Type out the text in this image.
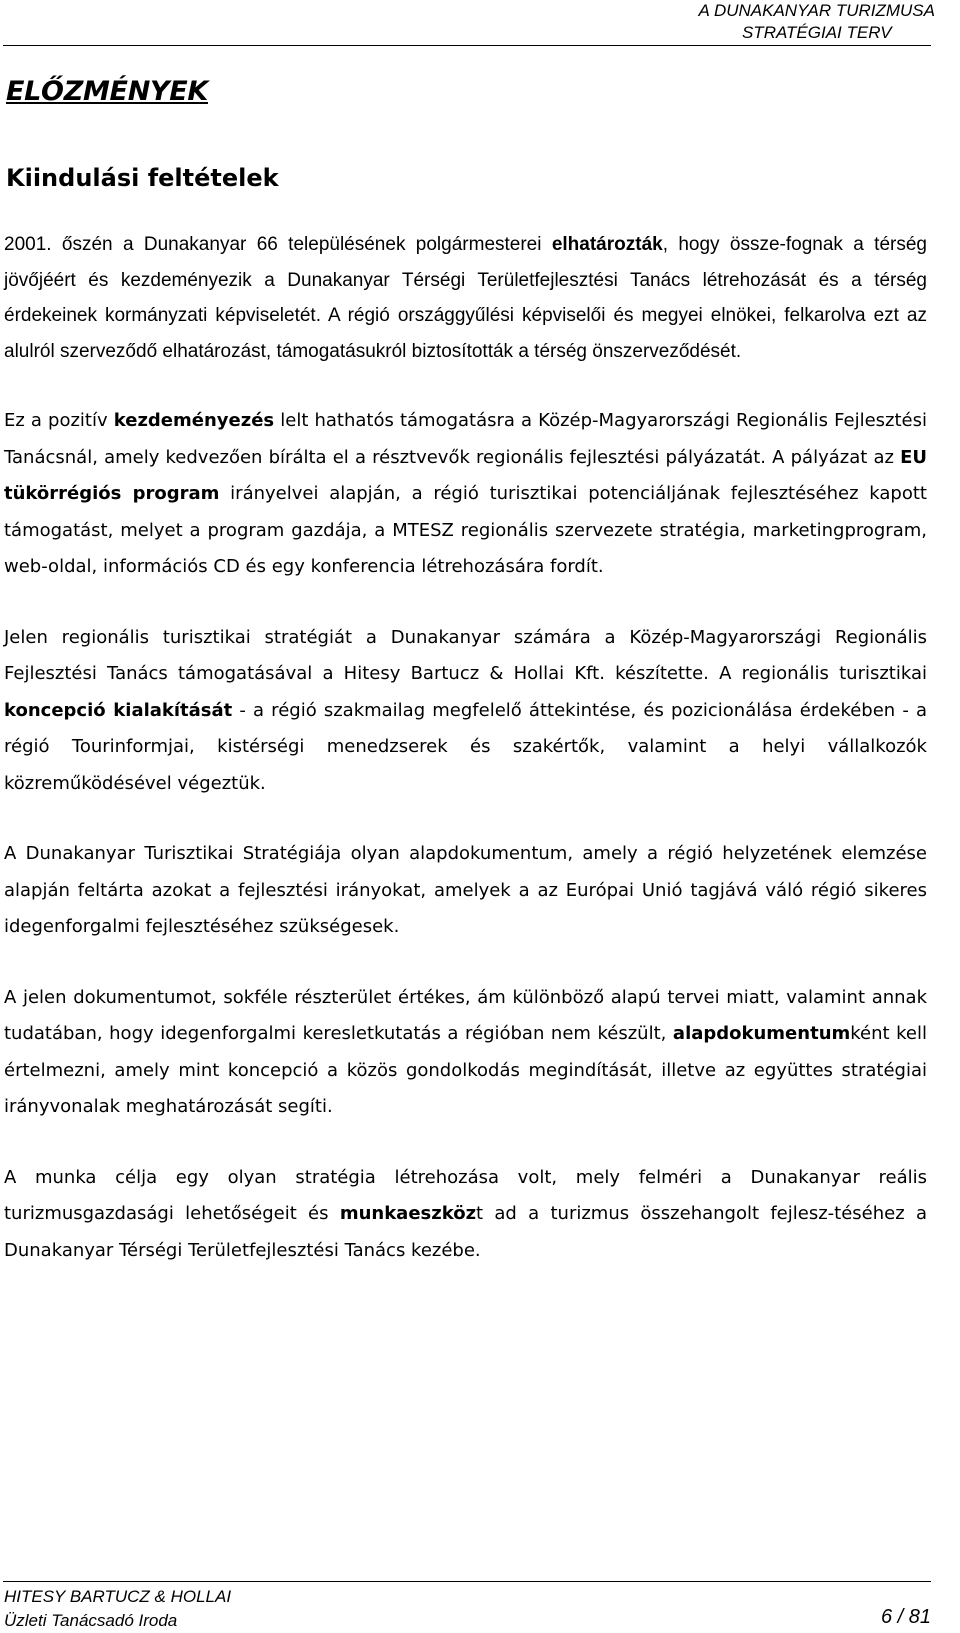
A DUNAKANYAR TURIZMUSA
STRATÉGIAI TERV
ELŐZMÉNYEK
Kiindulási feltételek

2001. őszén a Dunakanyar 66 településének polgármesterei elhatározták, hogy össze-fognak a térség jövőjéért és kezdeményezik a Dunakanyar Térségi Területfejlesztési Tanács létrehozását és a térség érdekeinek kormányzati képviseletét. A régió országgyűlési képviselői és megyei elnökei, felkarolva ezt az alulról szerveződő elhatározást, támogatásukról biztosították a térség önszerveződését.

Ez a pozitív kezdeményezés lelt hathatós támogatásra a Közép-Magyarországi Regionális Fejlesztési Tanácsnál, amely kedvezően bírálta el a résztvevők regionális fejlesztési pályázatát. A pályázat az EU tükörrégiós program irányelvei alapján, a régió turisztikai potenciáljának fejlesztéséhez kapott támogatást, melyet a program gazdája, a MTESZ regionális szervezete stratégia, marketingprogram, web-oldal, információs CD és egy konferencia létrehozására fordít.

Jelen regionális turisztikai stratégiát a Dunakanyar számára a Közép-Magyarországi Regionális Fejlesztési Tanács támogatásával a Hitesy Bartucz & Hollai Kft. készítette. A regionális turisztikai koncepció kialakítását - a régió szakmailag megfelelő áttekintése, és pozicionálása érdekében - a régió Tourinformjai, kistérségi menedzserek és szakértők, valamint a helyi vállalkozók közreműködésével végeztük.

A Dunakanyar Turisztikai Stratégiája olyan alapdokumentum, amely a régió helyzetének elemzése alapján feltárta azokat a fejlesztési irányokat, amelyek a az Európai Unió tagjává váló régió sikeres idegenforgalmi fejlesztéséhez szükségesek.

A jelen dokumentumot, sokféle részterület értékes, ám különböző alapú tervei miatt, valamint annak tudatában, hogy idegenforgalmi keresletkutatás a régióban nem készült, alapdokumentumként kell értelmezni, amely mint koncepció a közös gondolkodás megindítását, illetve az együttes stratégiai irányvonalak meghatározását segíti.

A munka célja egy olyan stratégia létrehozása volt, mely felméri a Dunakanyar reális turizmusgazdasági lehetőségeit és munkaeszközt ad a turizmus összehangolt fejlesz-téséhez a Dunakanyar Térségi Területfejlesztési Tanács kezébe.

HITESY BARTUCZ & HOLLAI
Üzleti Tanácsadó Iroda	6 / 81
